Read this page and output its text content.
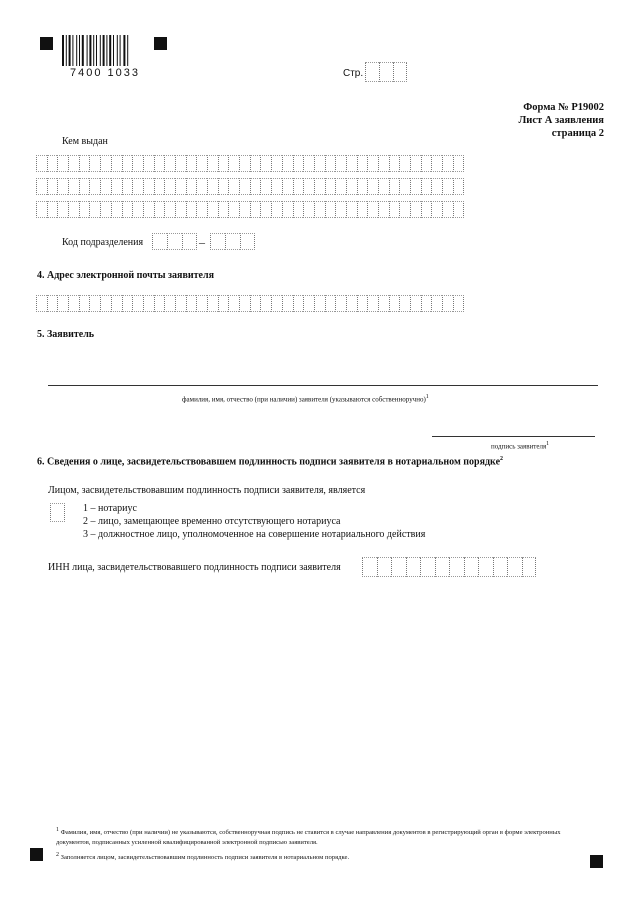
7400 1033	Стр.
Форма № Р19002
Лист А заявления
страница 2
Кем выдан
Код подразделения	–
4. Адрес электронной почты заявителя
5. Заявитель
фамилия, имя, отчество (при наличии) заявителя (указываются собственноручно)$^1$
подпись заявителя$^1$
6. Сведения о лице, засвидетельствовавшем подлинность подписи заявителя в нотариальном порядке$^2$
Лицом, засвидетельствовавшим подлинность подписи заявителя, является
1 – нотариус
2 – лицо, замещающее временно отсутствующего нотариуса
3 – должностное лицо, уполномоченное на совершение нотариального действия
ИНН лица, засвидетельствовавшего подлинность подписи заявителя
$^1$ Фамилия, имя, отчество (при наличии) не указываются, собственноручная подпись не ставится в случае направления документов в регистрирующий орган в форме электронных документов, подписанных усиленной квалифицированной электронной подписью заявителя.
$^2$ Заполняется лицом, засвидетельствовавшим подлинность подписи заявителя в нотариальном порядке.
